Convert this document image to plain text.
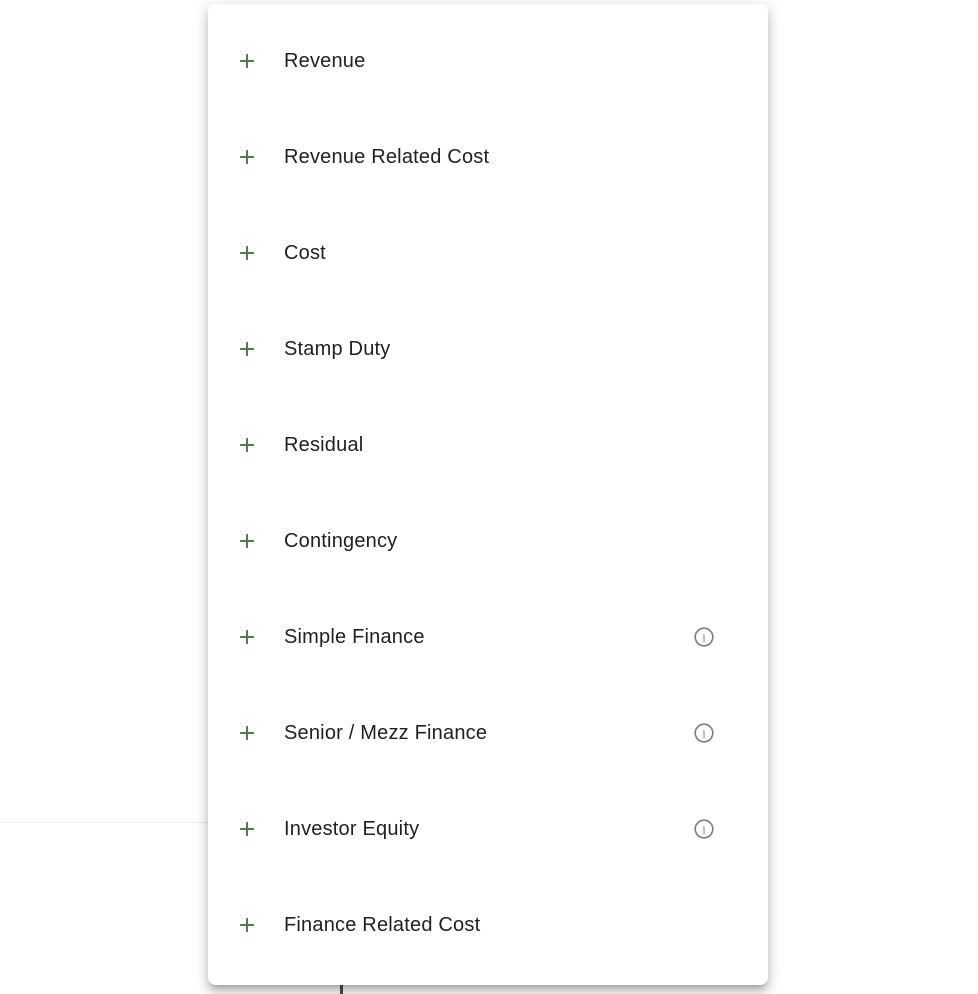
Revenue
Revenue Related Cost
Cost
Stamp Duty
Residual
Contingency
Simple Finance	i
Senior / Mezz Finance	i
Investor Equity	i
Finance Related Cost
